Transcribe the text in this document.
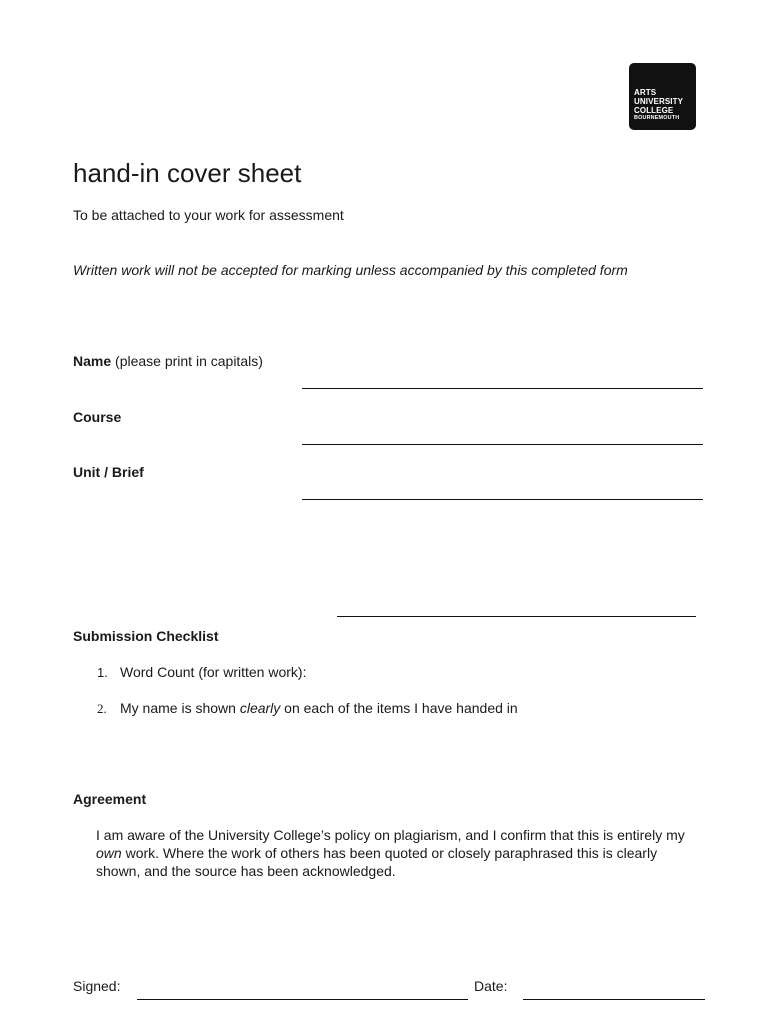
ARTS
UNIVERSITY
COLLEGE
BOURNEMOUTH
hand-in cover sheet
To be attached to your work for assessment
Written work will not be accepted for marking unless accompanied by this completed form
Name (please print in capitals)
Course
Unit / Brief
Submission Checklist
1. Word Count (for written work):
2. My name is shown clearly on each of the items I have handed in
Agreement

I am aware of the University College’s policy on plagiarism, and I confirm that this is entirely my own work. Where the work of others has been quoted or closely paraphrased this is clearly shown, and the source has been acknowledged.

Signed:	Date:
